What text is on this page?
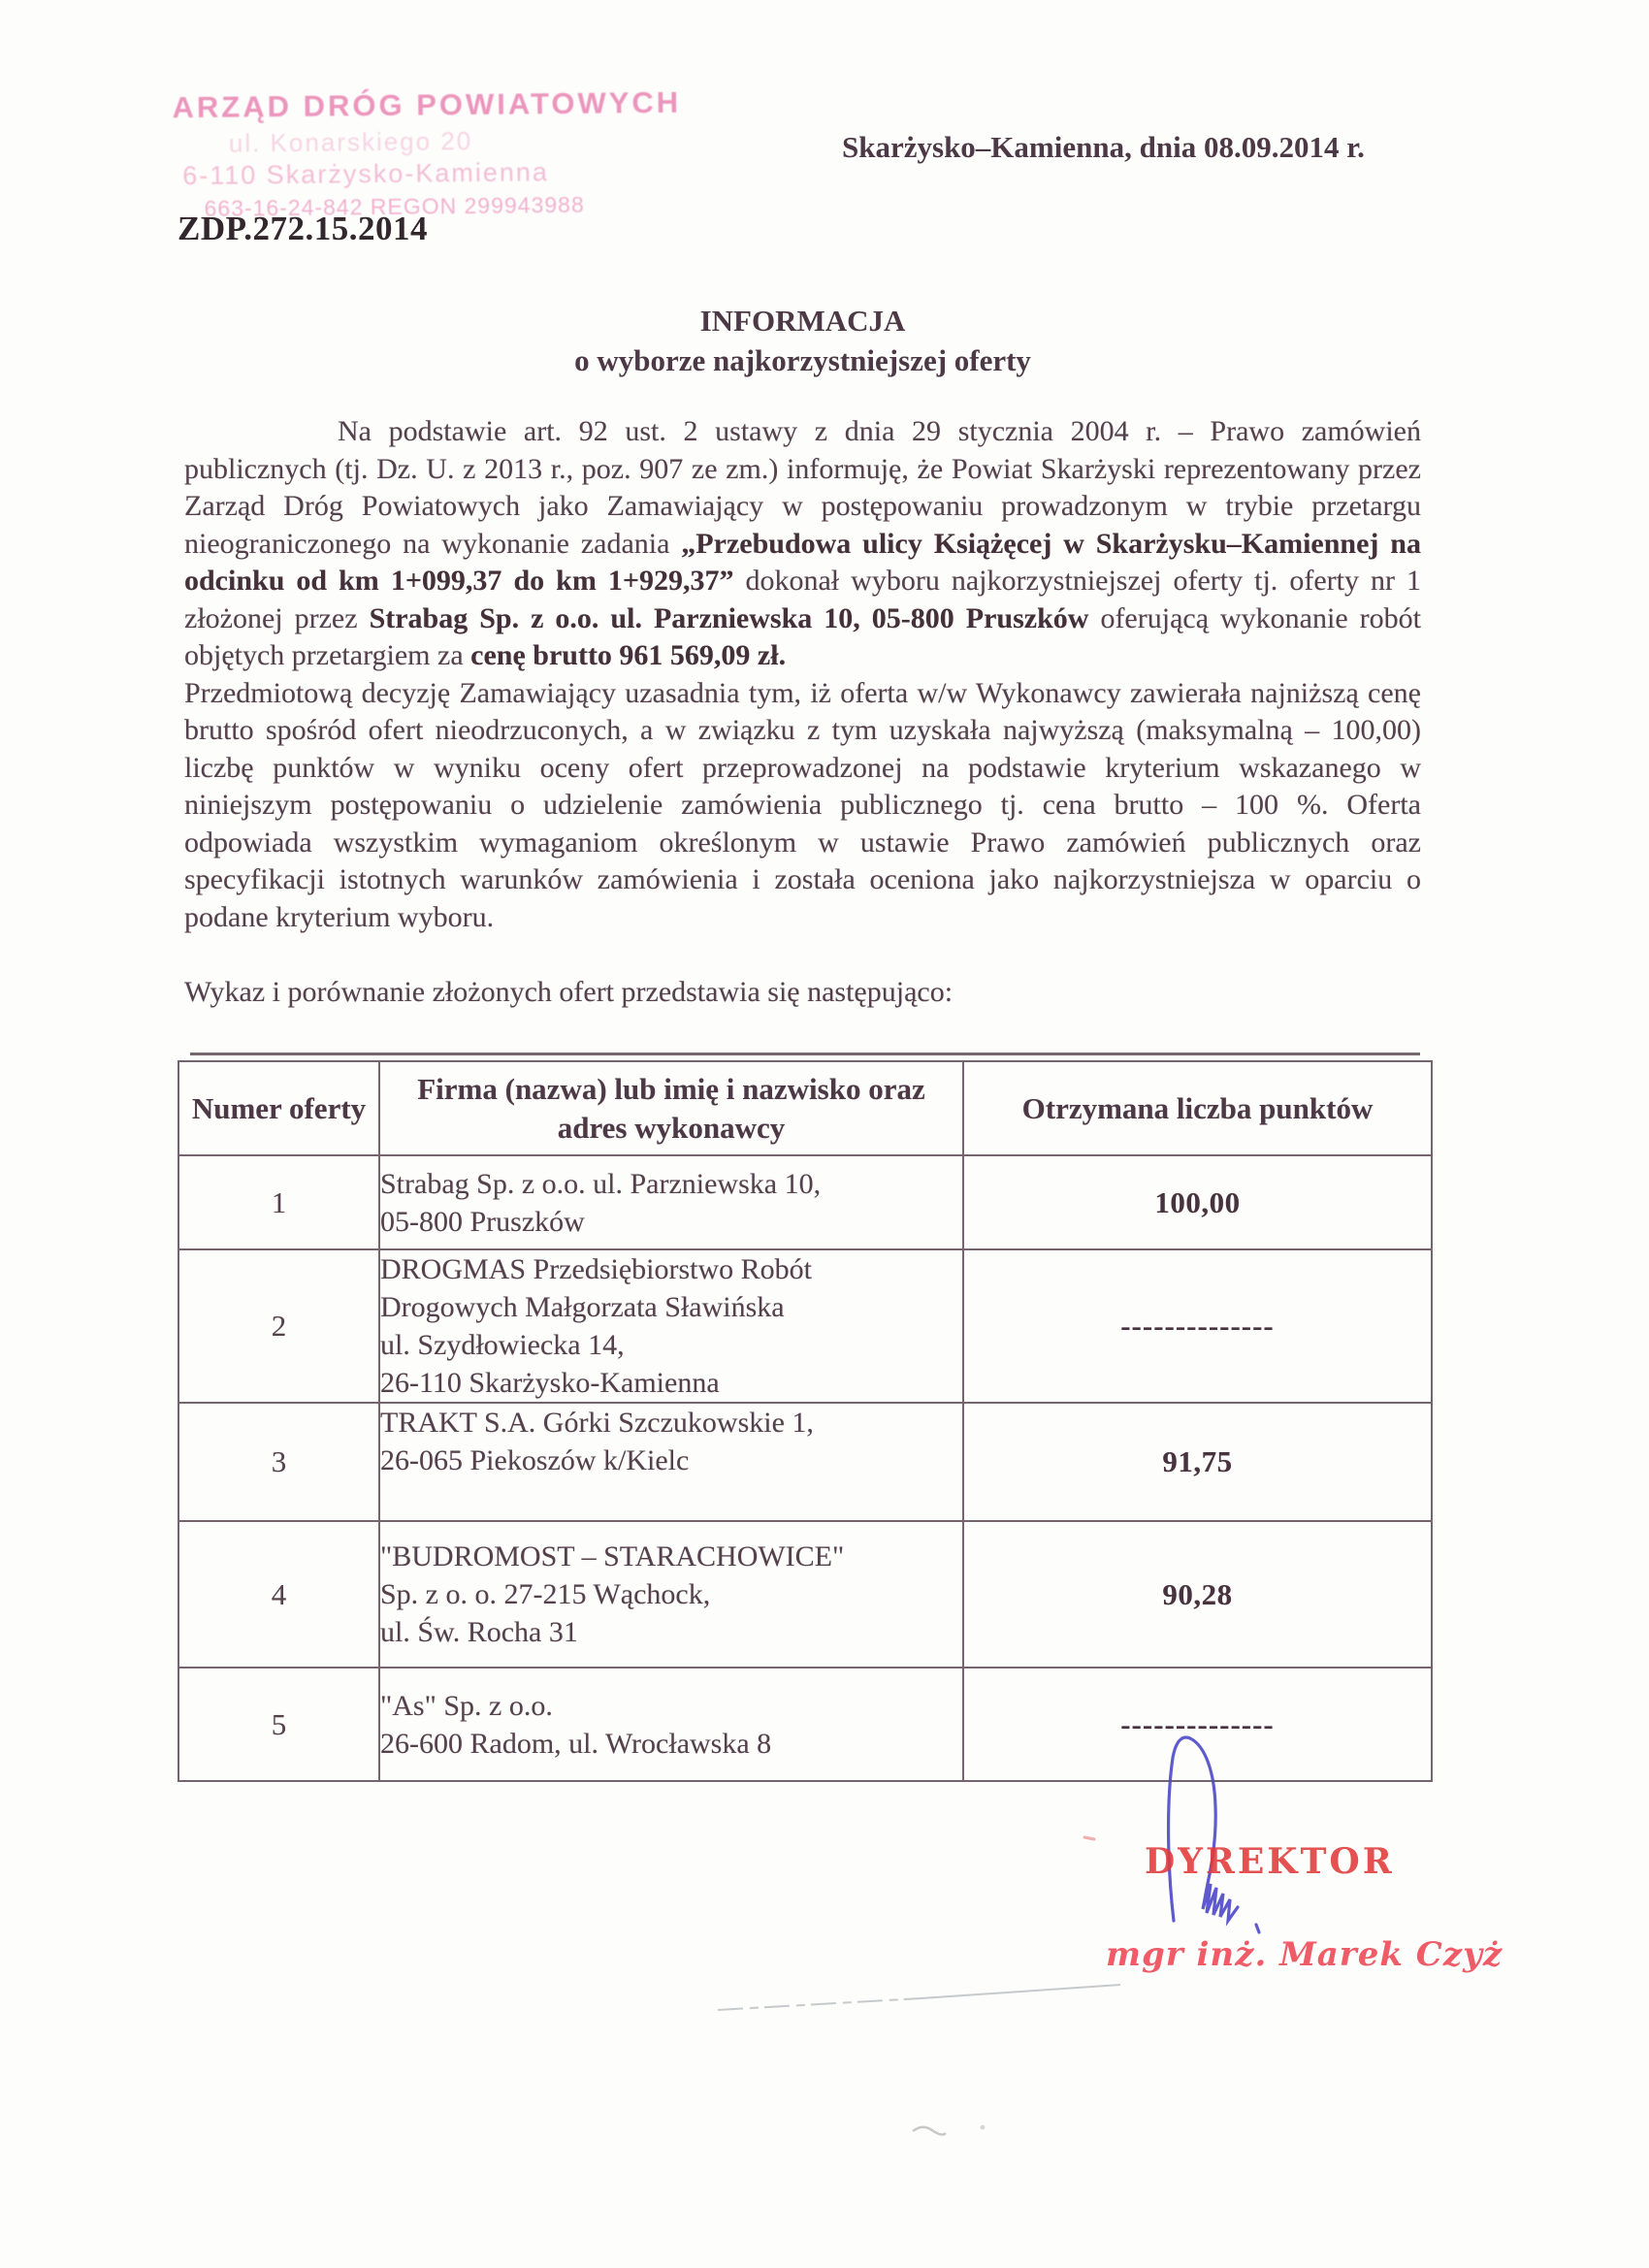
ARZĄD DRÓG POWIATOWYCH
ul. Konarskiego 20
6-110 Skarżysko-Kamienna
663-16-24-842 REGON 299943988
ZDP.272.15.2014
Skarżysko–Kamienna, dnia 08.09.2014 r.
INFORMACJA
o wyborze najkorzystniejszej oferty

Na podstawie art. 92 ust. 2 ustawy z dnia 29 stycznia 2004 r. – Prawo zamówień publicznych (tj. Dz. U. z 2013 r., poz. 907 ze zm.) informuję, że Powiat Skarżyski reprezentowany przez Zarząd Dróg Powiatowych jako Zamawiający w postępowaniu prowadzonym w trybie przetargu nieograniczonego na wykonanie zadania „Przebudowa ulicy Książęcej w Skarżysku–Kamiennej na odcinku od km 1+099,37 do km 1+929,37” dokonał wyboru najkorzystniejszej oferty tj. oferty nr 1 złożonej przez Strabag Sp. z o.o. ul. Parzniewska 10, 05-800 Pruszków oferującą wykonanie robót objętych przetargiem za cenę brutto 961 569,09 zł.

Przedmiotową decyzję Zamawiający uzasadnia tym, iż oferta w/w Wykonawcy zawierała najniższą cenę brutto spośród ofert nieodrzuconych, a w związku z tym uzyskała najwyższą (maksymalną – 100,00) liczbę punktów w wyniku oceny ofert przeprowadzonej na podstawie kryterium wskazanego w niniejszym postępowaniu o udzielenie zamówienia publicznego tj. cena brutto – 100 %. Oferta odpowiada wszystkim wymaganiom określonym w ustawie Prawo zamówień publicznych oraz specyfikacji istotnych warunków zamówienia i została oceniona jako najkorzystniejsza w oparciu o podane kryterium wyboru.

Wykaz i porównanie złożonych ofert przedstawia się następująco:

Numer oferty	Firma (nazwa) lub imię i nazwisko oraz adres wykonawcy	Otrzymana liczba punktów
1	Strabag Sp. z o.o. ul. Parzniewska 10,
05-800 Pruszków	100,00
2	DROGMAS Przedsiębiorstwo Robót
Drogowych Małgorzata Sławińska
ul. Szydłowiecka 14,
26-110 Skarżysko-Kamienna	--------------
3	TRAKT S.A. Górki Szczukowskie 1,
26-065 Piekoszów k/Kielc	91,75
4	"BUDROMOST – STARACHOWICE"
Sp. z o. o. 27-215 Wąchock,
ul. Św. Rocha 31	90,28
5	"As" Sp. z o.o.
26-600 Radom, ul. Wrocławska 8	--------------
DYREKTOR
mgr inż. Marek Czyż
